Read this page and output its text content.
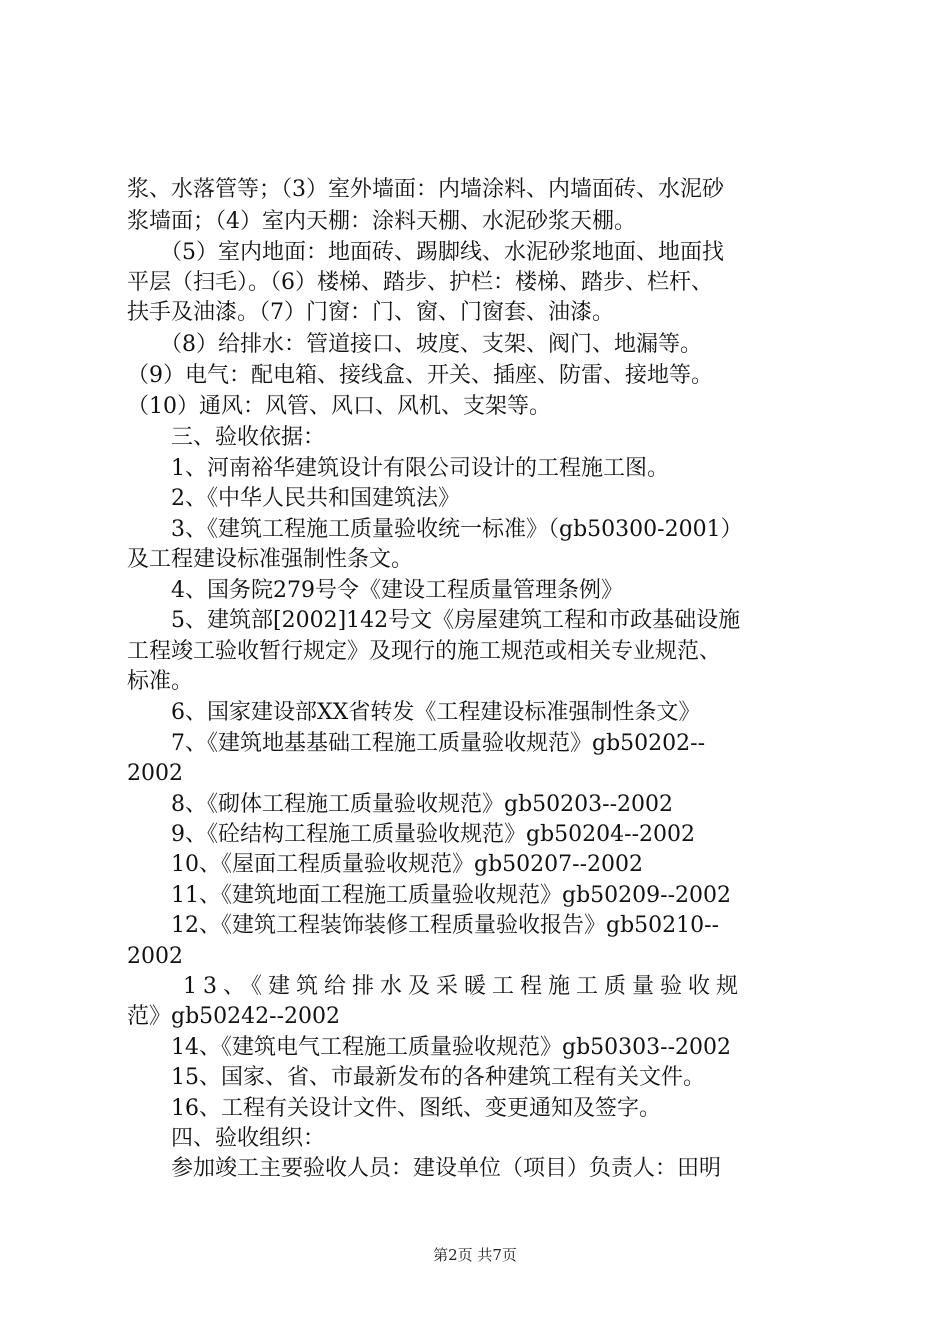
浆、水落管等；（3）室外墙面：内墙涂料、内墙面砖、水泥砂
浆墙面；（4）室内天棚：涂料天棚、水泥砂浆天棚。
　　（5）室内地面：地面砖、踢脚线、水泥砂浆地面、地面找
平层（扫毛）。（6）楼梯、踏步、护栏：楼梯、踏步、栏杆、
扶手及油漆。（7）门窗：门、窗、门窗套、油漆。
　　（8）给排水：管道接口、坡度、支架、阀门、地漏等。
（9）电气：配电箱、接线盒、开关、插座、防雷、接地等。
（10）通风：风管、风口、风机、支架等。
　　三、验收依据：
　　1、河南裕华建筑设计有限公司设计的工程施工图。
　　2、《中华人民共和国建筑法》
　　3、《建筑工程施工质量验收统一标准》（gb50300-2001）
及工程建设标准强制性条文。
　　4、国务院279号令《建设工程质量管理条例》
　　5、建筑部[2002]142号文《房屋建筑工程和市政基础设施
工程竣工验收暂行规定》及现行的施工规范或相关专业规范、
标准。
　　6、国家建设部XX省转发《工程建设标准强制性条文》
　　7、《建筑地基基础工程施工质量验收规范》gb50202--
2002
　　8、《砌体工程施工质量验收规范》gb50203--2002
　　9、《砼结构工程施工质量验收规范》gb50204--2002
　　10、《屋面工程质量验收规范》gb50207--2002
　　11、《建筑地面工程施工质量验收规范》gb50209--2002
　　12、《建筑工程装饰装修工程质量验收报告》gb50210--
2002
　　13、《建筑给排水及采暖工程施工质量验收规
范》gb50242--2002
　　14、《建筑电气工程施工质量验收规范》gb50303--2002
　　15、国家、省、市最新发布的各种建筑工程有关文件。
　　16、工程有关设计文件、图纸、变更通知及签字。
　　四、验收组织：
　　参加竣工主要验收人员：建设单位（项目）负责人：田明
第2页 共7页
